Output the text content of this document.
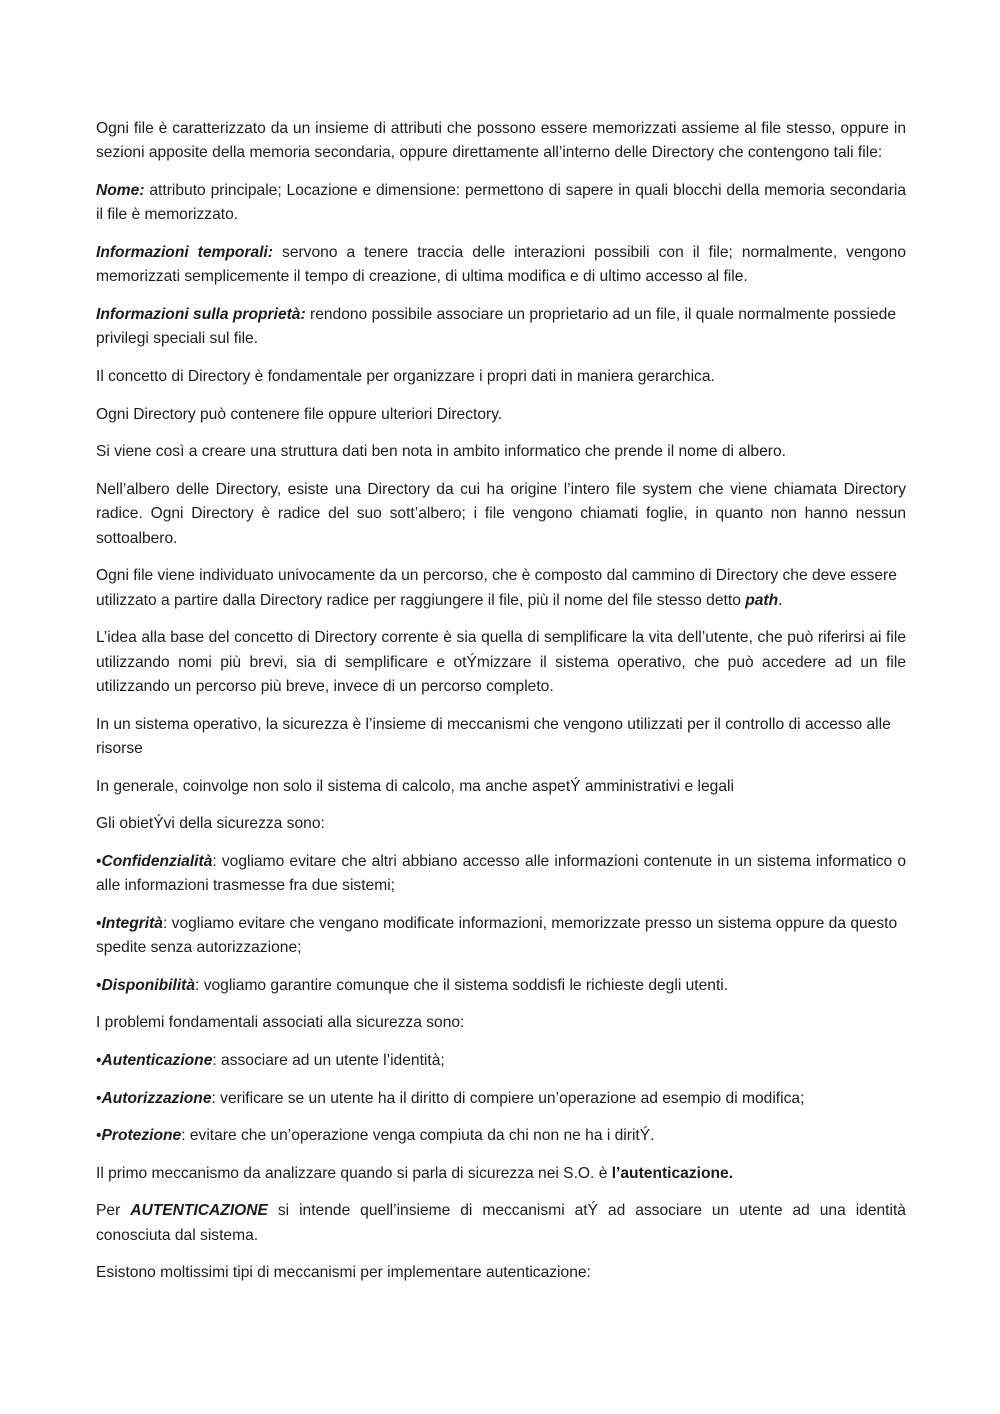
Ogni file è caratterizzato da un insieme di attributi che possono essere memorizzati assieme al file stesso, oppure in sezioni apposite della memoria secondaria, oppure direttamente all’interno delle Directory che contengono tali file:

Nome: attributo principale; Locazione e dimensione: permettono di sapere in quali blocchi della memoria secondaria il file è memorizzato.

Informazioni temporali: servono a tenere traccia delle interazioni possibili con il file; normalmente, vengono memorizzati semplicemente il tempo di creazione, di ultima modifica e di ultimo accesso al file.

Informazioni sulla proprietà: rendono possibile associare un proprietario ad un file, il quale normalmente possiede privilegi speciali sul file.

Il concetto di Directory è fondamentale per organizzare i propri dati in maniera gerarchica.

Ogni Directory può contenere file oppure ulteriori Directory.

Si viene così a creare una struttura dati ben nota in ambito informatico che prende il nome di albero.

Nell’albero delle Directory, esiste una Directory da cui ha origine l’intero file system che viene chiamata Directory radice. Ogni Directory è radice del suo sott’albero; i file vengono chiamati foglie, in quanto non hanno nessun sottoalbero.

Ogni file viene individuato univocamente da un percorso, che è composto dal cammino di Directory che deve essere utilizzato a partire dalla Directory radice per raggiungere il file, più il nome del file stesso detto path.

L’idea alla base del concetto di Directory corrente è sia quella di semplificare la vita dell’utente, che può riferirsi ai file utilizzando nomi più brevi, sia di semplificare e otÝmizzare il sistema operativo, che può accedere ad un file utilizzando un percorso più breve, invece di un percorso completo.

In un sistema operativo, la sicurezza è l’insieme di meccanismi che vengono utilizzati per il controllo di accesso alle risorse

In generale, coinvolge non solo il sistema di calcolo, ma anche aspetÝ amministrativi e legali

Gli obietÝvi della sicurezza sono:

•Confidenzialità: vogliamo evitare che altri abbiano accesso alle informazioni contenute in un sistema informatico o alle informazioni trasmesse fra due sistemi;

•Integrità: vogliamo evitare che vengano modificate informazioni, memorizzate presso un sistema oppure da questo spedite senza autorizzazione;

•Disponibilità: vogliamo garantire comunque che il sistema soddisfi le richieste degli utenti.

I problemi fondamentali associati alla sicurezza sono:

•Autenticazione: associare ad un utente l’identità;

•Autorizzazione: verificare se un utente ha il diritto di compiere un’operazione ad esempio di modifica;

•Protezione: evitare che un’operazione venga compiuta da chi non ne ha i diritÝ.

Il primo meccanismo da analizzare quando si parla di sicurezza nei S.O. è l’autenticazione.

Per AUTENTICAZIONE si intende quell’insieme di meccanismi atÝ ad associare un utente ad una identità conosciuta dal sistema.

Esistono moltissimi tipi di meccanismi per implementare autenticazione:
